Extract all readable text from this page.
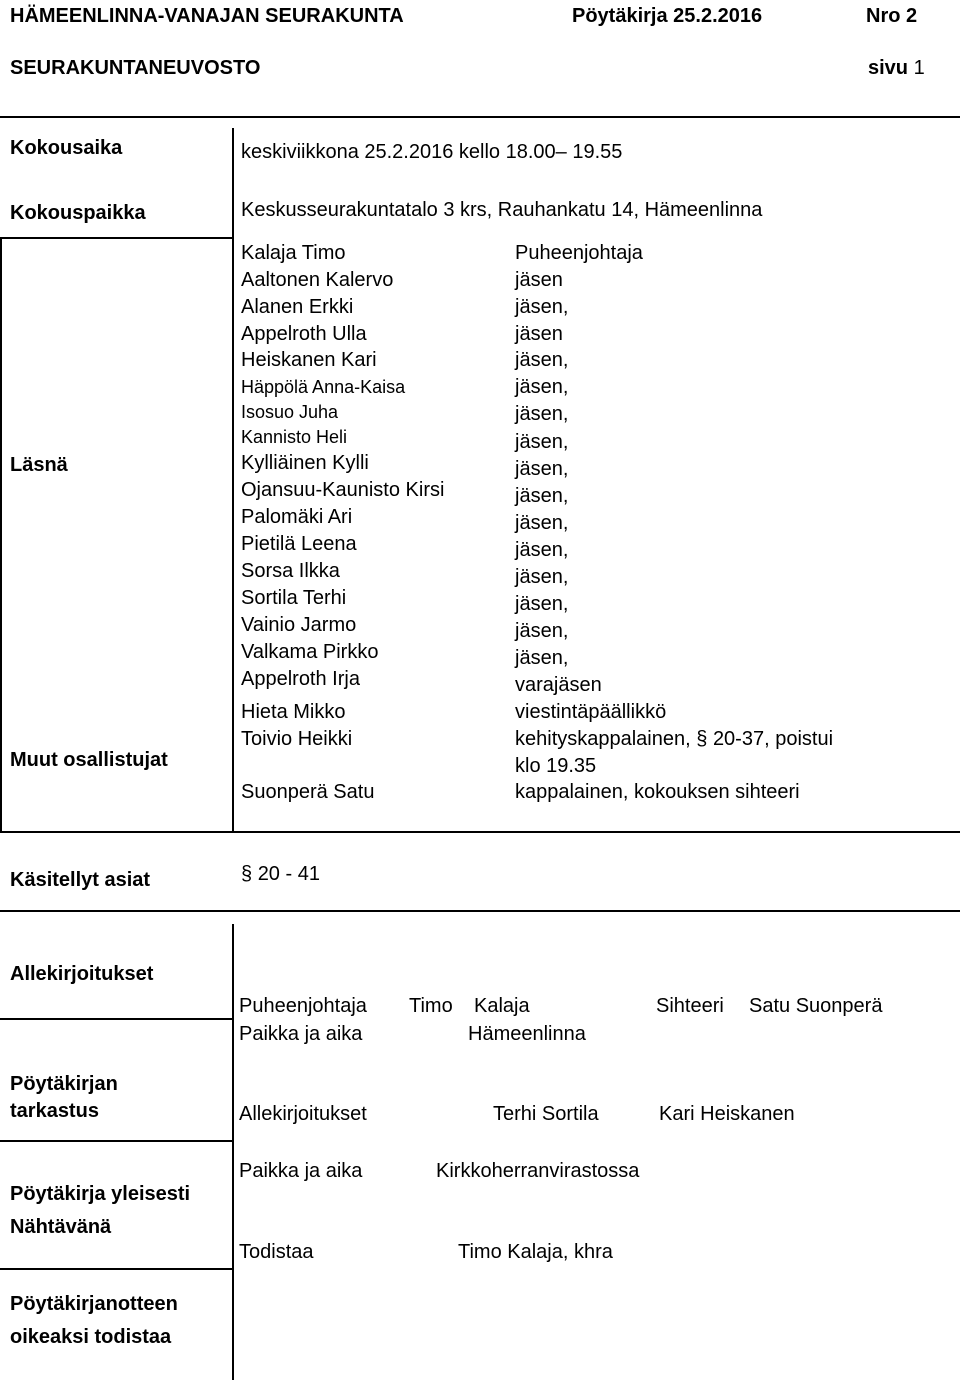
HÄMEENLINNA-VANAJAN SEURAKUNTA	Pöytäkirja 25.2.2016	Nro 2
SEURAKUNTANEUVOSTO	sivu 1
Kokousaika	keskiviikkona 25.2.2016 kello 18.00– 19.55
Kokouspaikka	Keskusseurakuntatalo 3 krs, Rauhankatu 14, Hämeenlinna
Läsnä
Kalaja Timo	Puheenjohtaja
Aaltonen Kalervo	jäsen
Alanen Erkki	jäsen,
Appelroth Ulla	jäsen
Heiskanen Kari	jäsen,
Häppölä Anna-Kaisa	jäsen,
Isosuo Juha	jäsen,
Kannisto Heli	jäsen,
Kylliäinen Kylli	jäsen,
Ojansuu-Kaunisto Kirsi	jäsen,
Palomäki Ari	jäsen,
Pietilä Leena	jäsen,
Sorsa Ilkka	jäsen,
Sortila Terhi	jäsen,
Vainio Jarmo	jäsen,
Valkama Pirkko	jäsen,
Appelroth Irja	varajäsen
Muut osallistujat
Hieta Mikko	viestintäpäällikkö
Toivio Heikki	kehityskappalainen, § 20-37, poistui
klo 19.35
Suonperä Satu	kappalainen, kokouksen sihteeri
Käsitellyt asiat	§ 20 - 41
Allekirjoitukset
Puheenjohtaja Timo Kalaja	Sihteeri Satu Suonperä
Paikka ja aika	Hämeenlinna
Pöytäkirjan
tarkastus	Allekirjoitukset	Terhi Sortila	Kari Heiskanen
Pöytäkirja yleisesti
Nähtävänä
Paikka ja aika	Kirkkoherranvirastossa
Todistaa	Timo Kalaja, khra
Pöytäkirjanotteen
oikeaksi todistaa
